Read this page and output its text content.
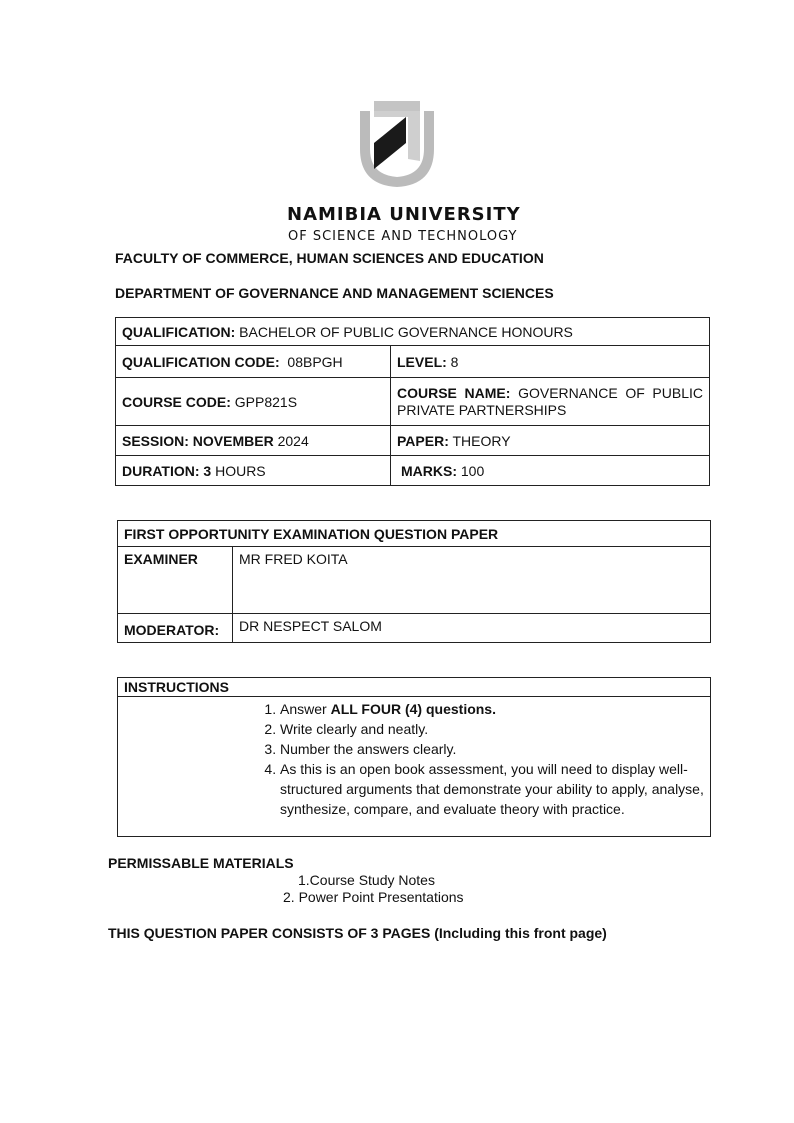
NAMIBIA UNIVERSITY
OF SCIENCE AND TECHNOLOGY
FACULTY OF COMMERCE, HUMAN SCIENCES AND EDUCATION
DEPARTMENT OF GOVERNANCE AND MANAGEMENT SCIENCES
QUALIFICATION: BACHELOR OF PUBLIC GOVERNANCE HONOURS	
QUALIFICATION CODE: 08BPGH	LEVEL: 8
COURSE CODE: GPP821S	COURSE NAME: GOVERNANCE OF PUBLIC PRIVATE PARTNERSHIPS
SESSION: NOVEMBER 2024	PAPER: THEORY
DURATION: 3 HOURS	MARKS: 100
FIRST OPPORTUNITY EXAMINATION QUESTION PAPER	
EXAMINER	MR FRED KOITA
MODERATOR:	DR NESPECT SALOM
INSTRUCTIONS

1. Answer ALL FOUR (4) questions.
2. Write clearly and neatly.
3. Number the answers clearly.
4. As this is an open book assessment, you will need to display well-structured arguments that demonstrate your ability to apply, analyse, synthesize, compare, and evaluate theory with practice.
PERMISSABLE MATERIALS
1.Course Study Notes
2. Power Point Presentations
THIS QUESTION PAPER CONSISTS OF 3 PAGES (Including this front page)
